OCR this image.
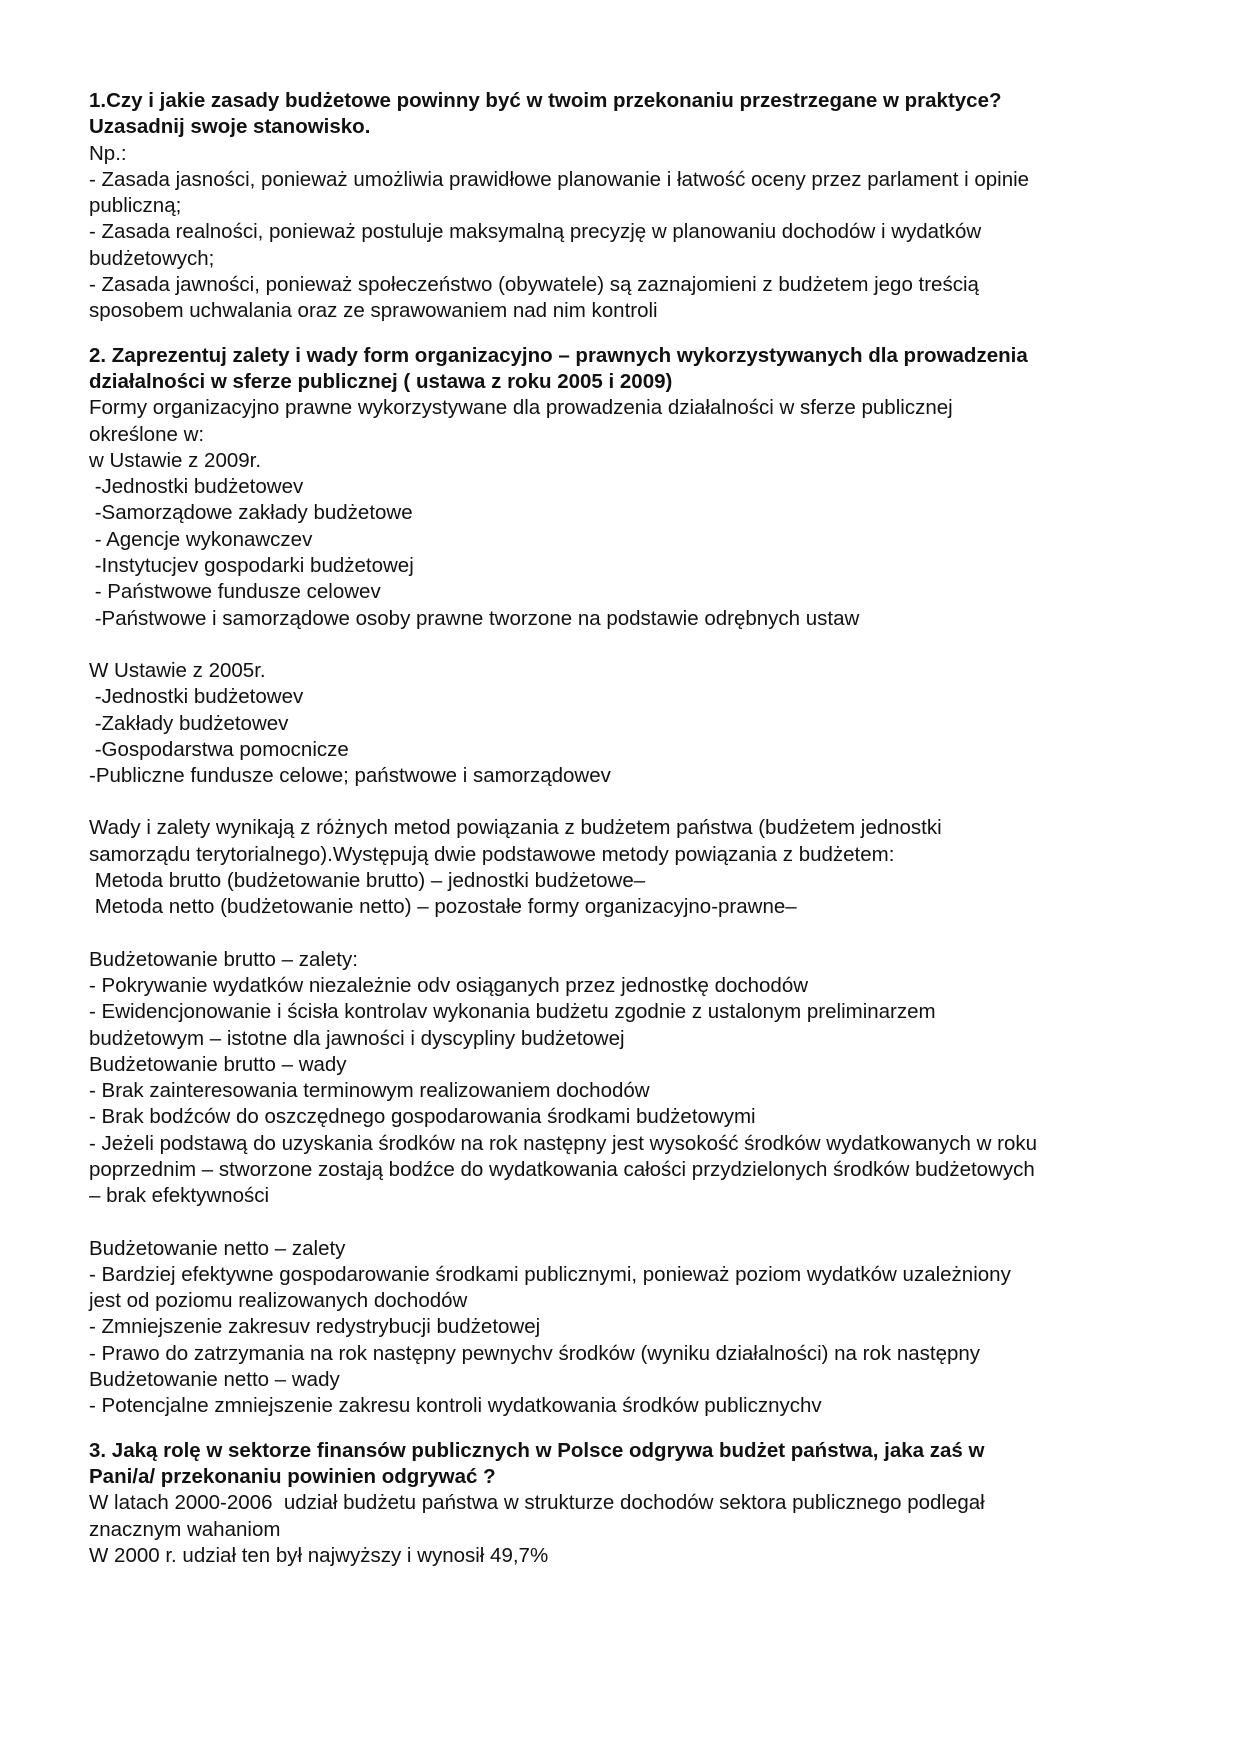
1.Czy i jakie zasady budżetowe powinny być w twoim przekonaniu przestrzegane w praktyce?

Uzasadnij swoje stanowisko.

Np.:

- Zasada jasności, ponieważ umożliwia prawidłowe planowanie i łatwość oceny przez parlament i opinie

publiczną;

- Zasada realności, ponieważ postuluje maksymalną precyzję w planowaniu dochodów i wydatków

budżetowych;

- Zasada jawności, ponieważ społeczeństwo (obywatele) są zaznajomieni z budżetem jego treścią

sposobem uchwalania oraz ze sprawowaniem nad nim kontroli

2. Zaprezentuj zalety i wady form organizacyjno – prawnych wykorzystywanych dla prowadzenia

działalności w sferze publicznej ( ustawa z roku 2005 i 2009)

Formy organizacyjno prawne wykorzystywane dla prowadzenia działalności w sferze publicznej

określone w:

w Ustawie z 2009r.

-Jednostki budżetowev

-Samorządowe zakłady budżetowe

- Agencje wykonawczev

-Instytucjev gospodarki budżetowej

- Państwowe fundusze celowev

-Państwowe i samorządowe osoby prawne tworzone na podstawie odrębnych ustaw

W Ustawie z 2005r.

-Jednostki budżetowev

-Zakłady budżetowev

-Gospodarstwa pomocnicze

-Publiczne fundusze celowe; państwowe i samorządowev

Wady i zalety wynikają z różnych metod powiązania z budżetem państwa (budżetem jednostki

samorządu terytorialnego).Występują dwie podstawowe metody powiązania z budżetem:

Metoda brutto (budżetowanie brutto) – jednostki budżetowe–

Metoda netto (budżetowanie netto) – pozostałe formy organizacyjno-prawne–

Budżetowanie brutto – zalety:

- Pokrywanie wydatków niezależnie odv osiąganych przez jednostkę dochodów

- Ewidencjonowanie i ścisła kontrolav wykonania budżetu zgodnie z ustalonym preliminarzem

budżetowym – istotne dla jawności i dyscypliny budżetowej

Budżetowanie brutto – wady

- Brak zainteresowania terminowym realizowaniem dochodów

- Brak bodźców do oszczędnego gospodarowania środkami budżetowymi

- Jeżeli podstawą do uzyskania środków na rok następny jest wysokość środków wydatkowanych w roku

poprzednim – stworzone zostają bodźce do wydatkowania całości przydzielonych środków budżetowych

– brak efektywności

Budżetowanie netto – zalety

- Bardziej efektywne gospodarowanie środkami publicznymi, ponieważ poziom wydatków uzależniony

jest od poziomu realizowanych dochodów

- Zmniejszenie zakresuv redystrybucji budżetowej

- Prawo do zatrzymania na rok następny pewnychv środków (wyniku działalności) na rok następny

Budżetowanie netto – wady

- Potencjalne zmniejszenie zakresu kontroli wydatkowania środków publicznychv

3. Jaką rolę w sektorze finansów publicznych w Polsce odgrywa budżet państwa, jaka zaś w

Pani/a/ przekonaniu powinien odgrywać ?

W latach 2000-2006  udział budżetu państwa w strukturze dochodów sektora publicznego podlegał

znacznym wahaniom

W 2000 r. udział ten był najwyższy i wynosił 49,7%
